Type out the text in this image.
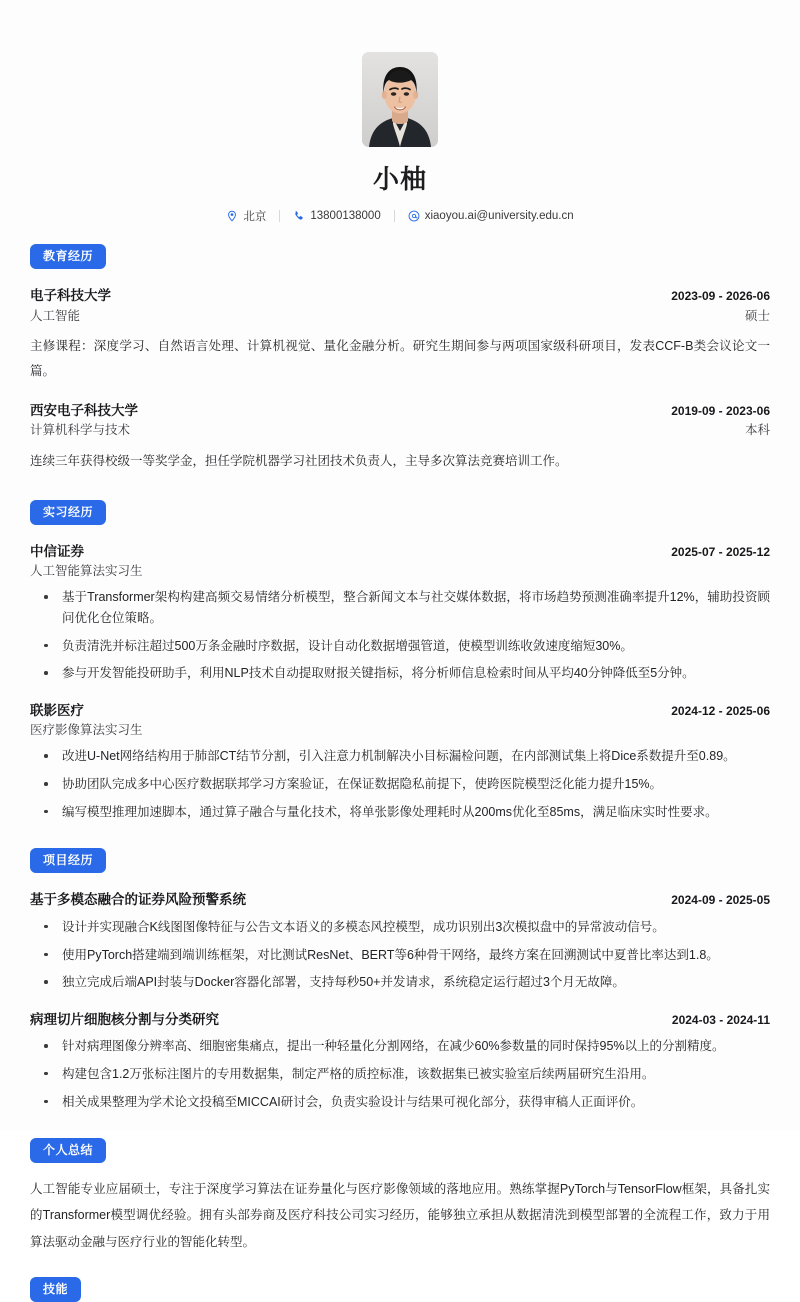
小柚
北京	13800138000	xiaoyou.ai@university.edu.cn
教育经历
电子科技大学	2023-09 - 2026-06
人工智能	硕士

主修课程：深度学习、自然语言处理、计算机视觉、量化金融分析。研究生期间参与两项国家级科研项目，发表CCF-B类会议论文一篇。

西安电子科技大学	2019-09 - 2023-06
计算机科学与技术	本科

连续三年获得校级一等奖学金，担任学院机器学习社团技术负责人，主导多次算法竞赛培训工作。

实习经历
中信证券	2025-07 - 2025-12
人工智能算法实习生
基于Transformer架构构建高频交易情绪分析模型，整合新闻文本与社交媒体数据，将市场趋势预测准确率提升12%，辅助投资顾问优化仓位策略。
负责清洗并标注超过500万条金融时序数据，设计自动化数据增强管道，使模型训练收敛速度缩短30%。
参与开发智能投研助手，利用NLP技术自动提取财报关键指标，将分析师信息检索时间从平均40分钟降低至5分钟。
联影医疗	2024-12 - 2025-06
医疗影像算法实习生
改进U-Net网络结构用于肺部CT结节分割，引入注意力机制解决小目标漏检问题，在内部测试集上将Dice系数提升至0.89。
协助团队完成多中心医疗数据联邦学习方案验证，在保证数据隐私前提下，使跨医院模型泛化能力提升15%。
编写模型推理加速脚本，通过算子融合与量化技术，将单张影像处理耗时从200ms优化至85ms，满足临床实时性要求。
项目经历
基于多模态融合的证券风险预警系统	2024-09 - 2025-05
设计并实现融合K线图图像特征与公告文本语义的多模态风控模型，成功识别出3次模拟盘中的异常波动信号。
使用PyTorch搭建端到端训练框架，对比测试ResNet、BERT等6种骨干网络，最终方案在回溯测试中夏普比率达到1.8。
独立完成后端API封装与Docker容器化部署，支持每秒50+并发请求，系统稳定运行超过3个月无故障。
病理切片细胞核分割与分类研究	2024-03 - 2024-11
针对病理图像分辨率高、细胞密集痛点，提出一种轻量化分割网络，在减少60%参数量的同时保持95%以上的分割精度。
构建包含1.2万张标注图片的专用数据集，制定严格的质控标准，该数据集已被实验室后续两届研究生沿用。
相关成果整理为学术论文投稿至MICCAI研讨会，负责实验设计与结果可视化部分，获得审稿人正面评价。
个人总结

人工智能专业应届硕士，专注于深度学习算法在证券量化与医疗影像领域的落地应用。熟练掌握PyTorch与TensorFlow框架，具备扎实的Transformer模型调优经验。拥有头部券商及医疗科技公司实习经历，能够独立承担从数据清洗到模型部署的全流程工作，致力于用算法驱动金融与医疗行业的智能化转型。

技能
